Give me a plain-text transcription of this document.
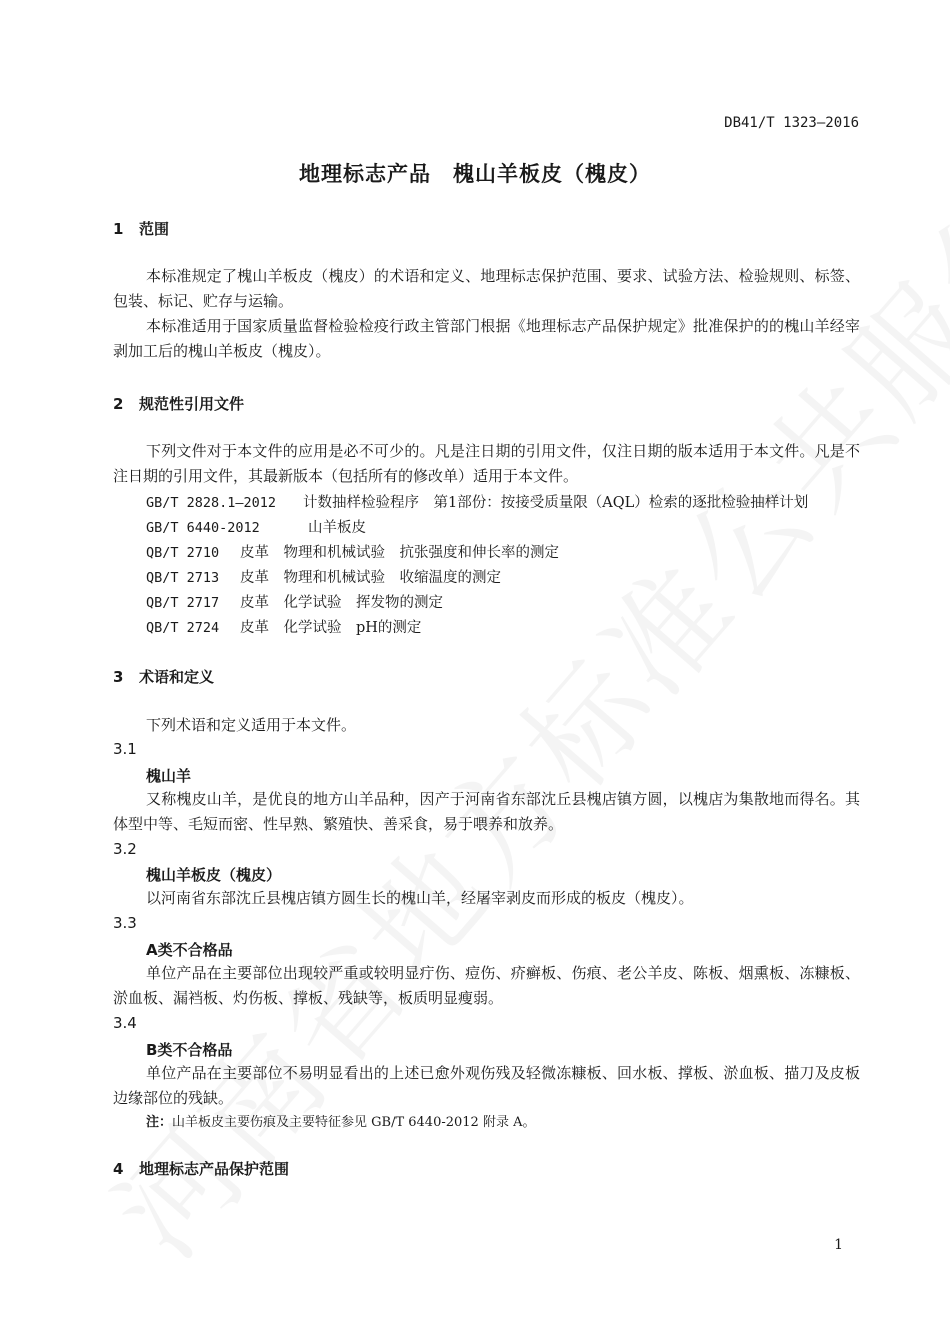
DB41/T 1323—2016
地理标志产品　槐山羊板皮（槐皮）
1 范围

本标准规定了槐山羊板皮（槐皮）的术语和定义、地理标志保护范围、要求、试验方法、检验规则、标签、包装、标记、贮存与运输。

本标准适用于国家质量监督检验检疫行政主管部门根据《地理标志产品保护规定》批准保护的的槐山羊经宰剥加工后的槐山羊板皮（槐皮）。

2 规范性引用文件

下列文件对于本文件的应用是必不可少的。凡是注日期的引用文件，仅注日期的版本适用于本文件。凡是不注日期的引用文件，其最新版本（包括所有的修改单）适用于本文件。

GB/T 2828.1—2012 计数抽样检验程序　第1部份：按接受质量限（AQL）检索的逐批检验抽样计划
GB/T 6440-2012	山羊板皮
QB/T 2710 皮革　物理和机械试验　抗张强度和伸长率的测定
QB/T 2713 皮革　物理和机械试验　收缩温度的测定
QB/T 2717 皮革　化学试验　挥发物的测定
QB/T 2724 皮革　化学试验　pH的测定
3 术语和定义
下列术语和定义适用于本文件。
3.1
槐山羊

又称槐皮山羊，是优良的地方山羊品种，因产于河南省东部沈丘县槐店镇方圆，以槐店为集散地而得名。其体型中等、毛短而密、性早熟、繁殖快、善采食，易于喂养和放养。

3.2
槐山羊板皮（槐皮）

以河南省东部沈丘县槐店镇方圆生长的槐山羊，经屠宰剥皮而形成的板皮（槐皮）。

3.3
A类不合格品

单位产品在主要部位出现较严重或较明显疔伤、痘伤、疥癣板、伤痕、老公羊皮、陈板、烟熏板、冻糠板、淤血板、漏裆板、灼伤板、撑板、残缺等，板质明显瘦弱。

3.4
B类不合格品

单位产品在主要部位不易明显看出的上述已愈外观伤残及轻微冻糠板、回水板、撑板、淤血板、描刀及皮板边缘部位的残缺。

注：山羊板皮主要伤痕及主要特征参见 GB/T 6440-2012 附录 A。
4 地理标志产品保护范围
1
